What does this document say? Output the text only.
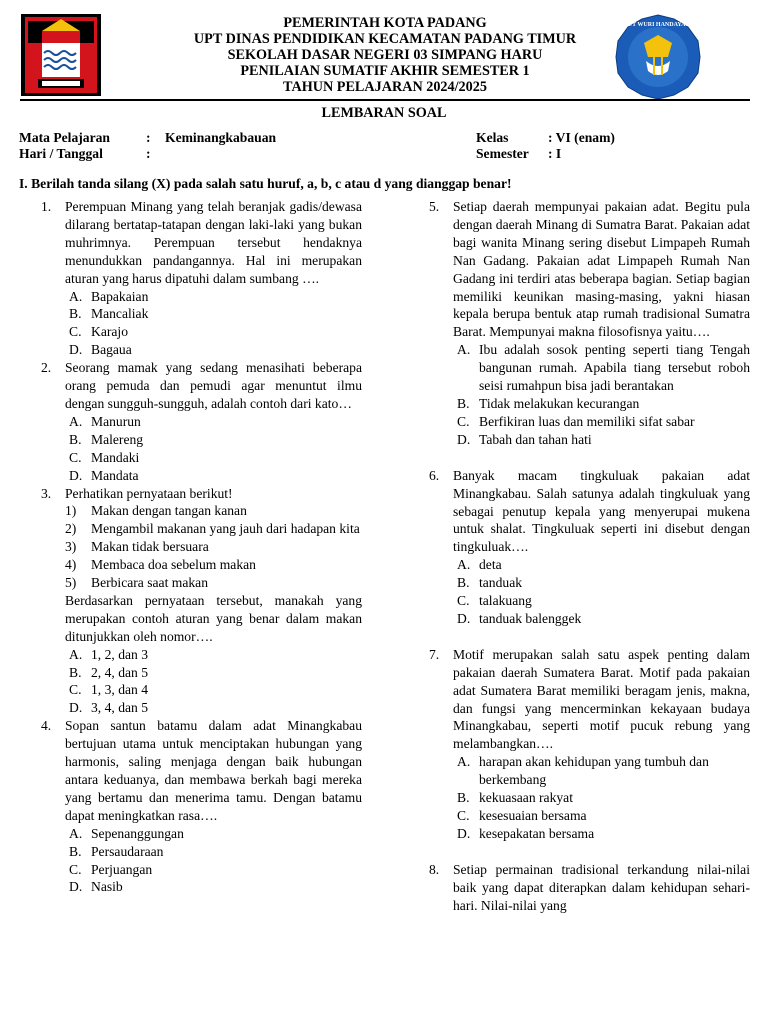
TUT WURI HANDAYANI
PEMERINTAH KOTA PADANG
UPT DINAS PENDIDIKAN KECAMATAN PADANG TIMUR
SEKOLAH DASAR NEGERI 03 SIMPANG HARU
PENILAIAN SUMATIF AKHIR SEMESTER 1
TAHUN PELAJARAN 2024/2025
LEMBARAN SOAL
Mata Pelajaran	: Keminangkabauan
Hari / Tanggal	:
Kelas	: VI (enam)
Semester : I
I. Berilah tanda silang (X) pada salah satu huruf, a, b, c atau d yang dianggap benar!
1. Perempuan Minang yang telah beranjak gadis/dewasa dilarang bertatap-tatapan dengan laki-laki yang bukan muhrimnya. Perempuan tersebut hendaknya menundukkan pandangannya. Hal ini merupakan aturan yang harus dipatuhi dalam sumbang ….
A. Bapakaian
B. Mancaliak
C. Karajo
D. Bagaua
2. Seorang mamak yang sedang menasihati beberapa orang pemuda dan pemudi agar menuntut ilmu dengan sungguh-sungguh, adalah contoh dari kato…
A. Manurun
B. Malereng
C. Mandaki
D. Mandata
3. Perhatikan pernyataan berikut!
1) Makan dengan tangan kanan
2) Mengambil makanan yang jauh dari hadapan kita
3) Makan tidak bersuara
4) Membaca doa sebelum makan
5) Berbicara saat makan
Berdasarkan pernyataan tersebut, manakah yang merupakan contoh aturan yang benar dalam makan ditunjukkan oleh nomor….
A. 1, 2, dan 3
B. 2, 4, dan 5
C. 1, 3, dan 4
D. 3, 4, dan 5
4. Sopan santun batamu dalam adat Minangkabau bertujuan utama untuk menciptakan hubungan yang harmonis, saling menjaga dengan baik hubungan antara keduanya, dan membawa berkah bagi mereka yang bertamu dan menerima tamu. Dengan batamu dapat meningkatkan rasa….
A. Sepenanggungan
B. Persaudaraan
C. Perjuangan
D. Nasib
5. Setiap daerah mempunyai pakaian adat. Begitu pula dengan daerah Minang di Sumatra Barat. Pakaian adat bagi wanita Minang sering disebut Limpapeh Rumah Nan Gadang. Pakaian adat Limpapeh Rumah Nan Gadang ini terdiri atas beberapa bagian. Setiap bagian memiliki keunikan masing-masing, yakni hiasan kepala berupa bentuk atap rumah tradisional Sumatra Barat. Mempunyai makna filosofisnya yaitu….
A. Ibu adalah sosok penting seperti tiang Tengah bangunan rumah. Apabila tiang tersebut roboh seisi rumahpun bisa jadi berantakan
B. Tidak melakukan kecurangan
C. Berfikiran luas dan memiliki sifat sabar
D. Tabah dan tahan hati
6. Banyak macam tingkuluak pakaian adat Minangkabau. Salah satunya adalah tingkuluak yang sebagai penutup kepala yang menyerupai mukena untuk shalat. Tingkuluak seperti ini disebut dengan tingkuluak….
A. deta
B. tanduak
C. talakuang
D. tanduak balenggek
7. Motif merupakan salah satu aspek penting dalam pakaian daerah Sumatera Barat. Motif pada pakaian adat Sumatera Barat memiliki beragam jenis, makna, dan fungsi yang mencerminkan kekayaan budaya Minangkabau, seperti motif pucuk rebung yang melambangkan….
A. harapan akan kehidupan yang tumbuh dan berkembang
B. kekuasaan rakyat
C. kesesuaian bersama
D. kesepakatan bersama
8. Setiap permainan tradisional terkandung nilai-nilai baik yang dapat diterapkan dalam kehidupan sehari-hari. Nilai-nilai yang
